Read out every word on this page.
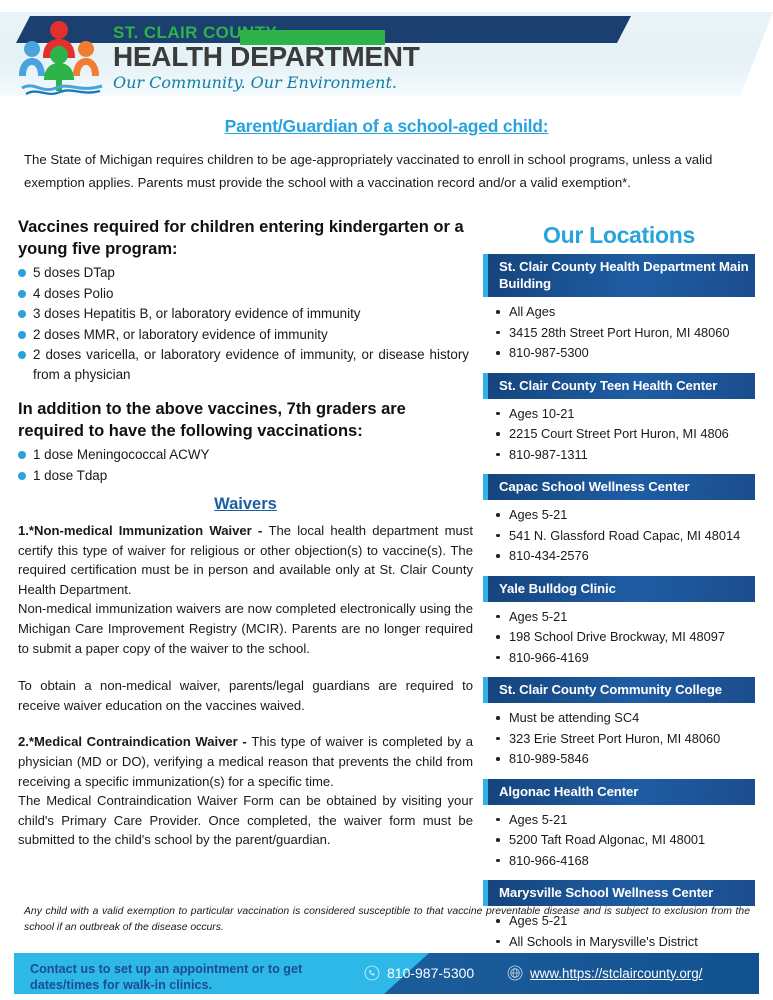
ST. CLAIR COUNTY
HEALTH DEPARTMENT
Our Community. Our Environment.
Parent/Guardian of a school-aged child:
The State of Michigan requires children to be age-appropriately vaccinated to enroll in school programs, unless a valid exemption applies. Parents must provide the school with a vaccination record and/or a valid exemption*.
Vaccines required for children entering kindergarten or a young five program:
5 doses DTap
4 doses Polio
3 doses Hepatitis B, or laboratory evidence of immunity
2 doses MMR, or laboratory evidence of immunity
2 doses varicella, or laboratory evidence of immunity, or disease history from a physician
In addition to the above vaccines, 7th graders are required to have the following vaccinations:
1 dose Meningococcal ACWY
1 dose Tdap
Waivers

1.*Non-medical Immunization Waiver - The local health department must certify this type of waiver for religious or other objection(s) to vaccine(s). The required certification must be in person and available only at St. Clair County Health Department.

Non-medical immunization waivers are now completed electronically using the Michigan Care Improvement Registry (MCIR). Parents are no longer required to submit a paper copy of the waiver to the school.

To obtain a non-medical waiver, parents/legal guardians are required to receive waiver education on the vaccines waived.

2.*Medical Contraindication Waiver - This type of waiver is completed by a physician (MD or DO), verifying a medical reason that prevents the child from receiving a specific immunization(s) for a specific time.

The Medical Contraindication Waiver Form can be obtained by visiting your child's Primary Care Provider. Once completed, the waiver form must be submitted to the child's school by the parent/guardian.

Our Locations
St. Clair County Health Department Main Building
All Ages
3415 28th Street Port Huron, MI 48060
810-987-5300
St. Clair County Teen Health Center
Ages 10-21
2215 Court Street Port Huron, MI 4806
810-987-1311
Capac School Wellness Center
Ages 5-21
541 N. Glassford Road Capac, MI 48014
810-434-2576
Yale Bulldog Clinic
Ages 5-21
198 School Drive Brockway, MI 48097
810-966-4169
St. Clair County Community College
Must be attending SC4
323 Erie Street Port Huron, MI 48060
810-989-5846
Algonac Health Center
Ages 5-21
5200 Taft Road Algonac, MI 48001
810-966-4168
Marysville School Wellness Center
Ages 5-21
All Schools in Marysville's District
Any child with a valid exemption to particular vaccination is considered susceptible to that vaccine preventable disease and is subject to exclusion from the school if an outbreak of the disease occurs.
Contact us to set up an appointment or to get dates/times for walk-in clinics.
810-987-5300	www.https://stclaircounty.org/
